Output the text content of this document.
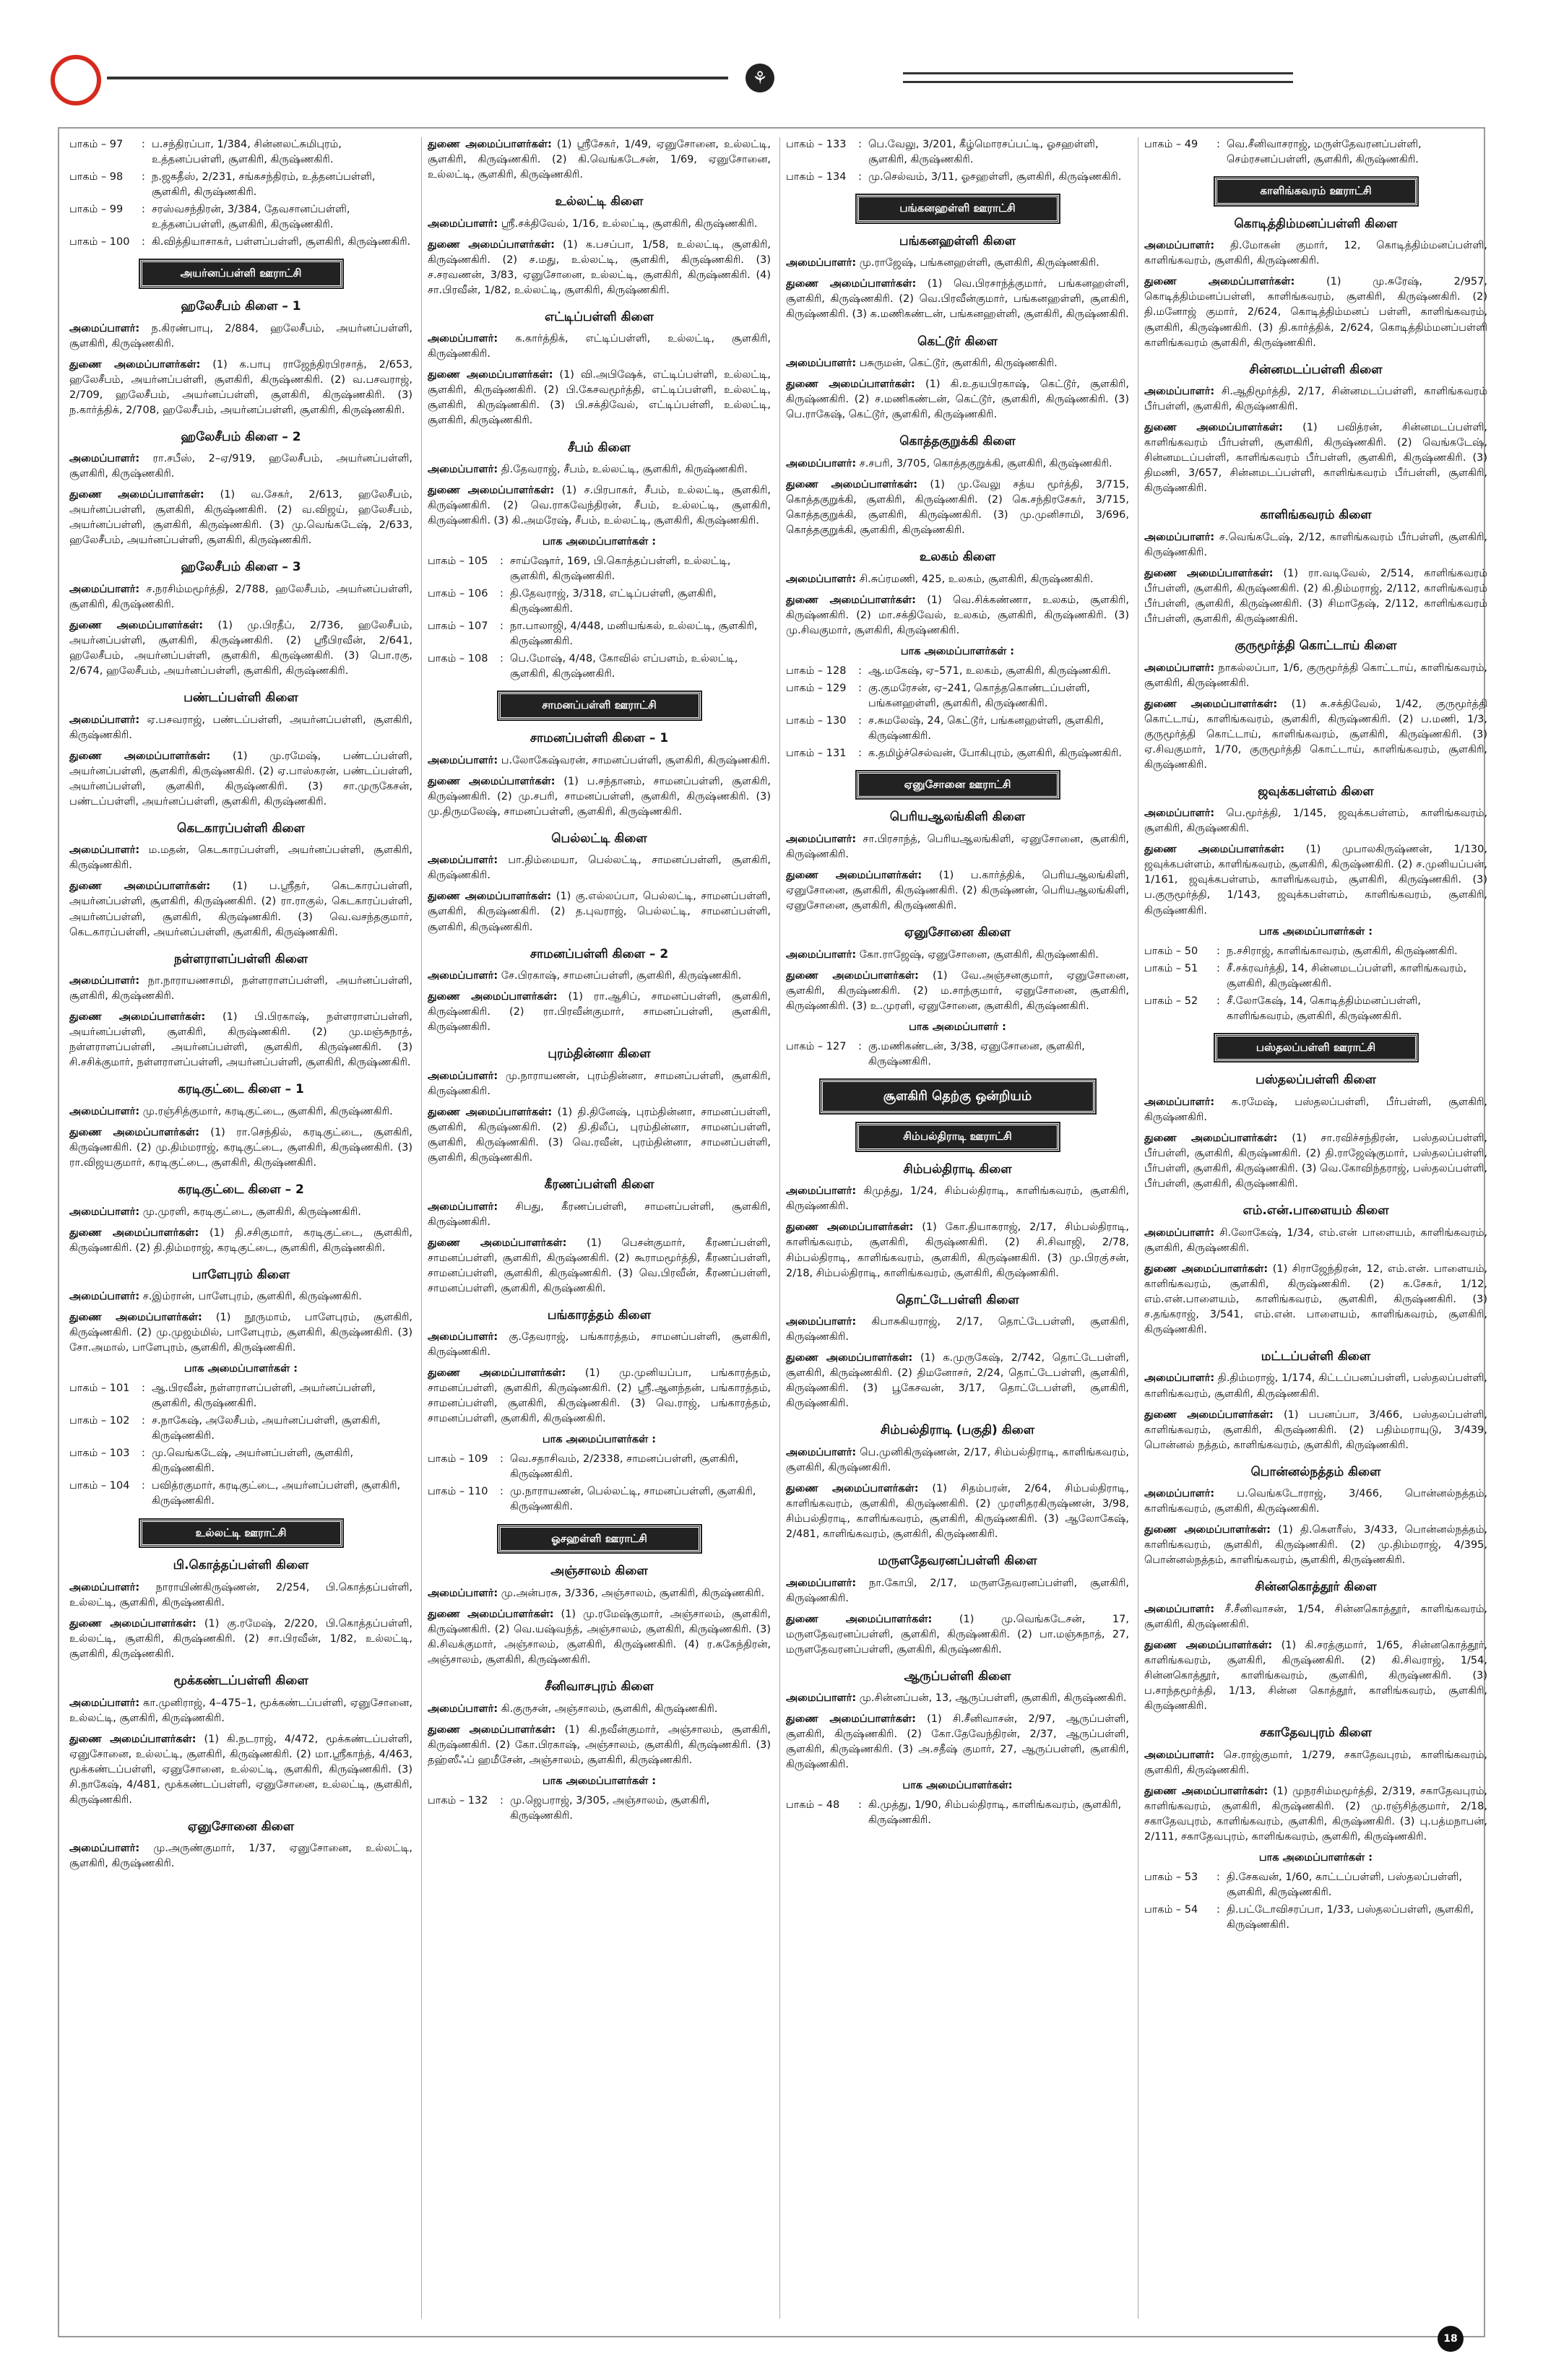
⚘
பாகம் – 97	: ப.சந்திரப்பா, 1/384, சின்னலட்சுமிபுரம், உத்தனப்பள்ளி, சூளகிரி, கிருஷ்ணகிரி.
பாகம் – 98	: ந.ஜகதீஸ், 2/231, சங்கசந்திரம், உத்தனப்பள்ளி, சூளகிரி, கிருஷ்ணகிரி.
பாகம் – 99	: சரஸ்வசந்திரன், 3/384, தேவசானப்பள்ளி, உத்தனப்பள்ளி, சூளகிரி, கிருஷ்ணகிரி.
பாகம் – 100	: கி.வித்தியாசாகர், பள்ளப்பள்ளி, சூளகிரி, கிருஷ்ணகிரி.
அயர்னப்பள்ளி ஊராட்சி
ஹலேசீபம் கிளை – 1
அமைப்பாளர்: ந.கிரண்பாபு, 2/884, ஹலேசீபம், அயர்னப்பள்ளி, சூளகிரி, கிருஷ்ணகிரி.
துணை அமைப்பாளர்கள்: (1) க.பாபு ராஜேந்திரபிரசாத், 2/653, ஹலேசீபம், அயர்னப்பள்ளி, சூளகிரி, கிருஷ்ணகிரி. (2) வ.பசவராஜ், 2/709, ஹலேசீபம், அயர்னப்பள்ளி, சூளகிரி, கிருஷ்ணகிரி. (3) ந.கார்த்திக், 2/708, ஹலேசீபம், அயர்னப்பள்ளி, சூளகிரி, கிருஷ்ணகிரி.
ஹலேசீபம் கிளை – 2
அமைப்பாளர்: ரா.சபீஸ், 2–ஏ/919, ஹலேசீபம், அயர்னப்பள்ளி, சூளகிரி, கிருஷ்ணகிரி.
துணை அமைப்பாளர்கள்: (1) வ.சேகர், 2/613, ஹலேசீபம், அயர்னப்பள்ளி, சூளகிரி, கிருஷ்ணகிரி. (2) வ.விஜய், ஹலேசீபம், அயர்னப்பள்ளி, சூளகிரி, கிருஷ்ணகிரி. (3) மு.வெங்கடேஷ், 2/633, ஹலேசீபம், அயர்னப்பள்ளி, சூளகிரி, கிருஷ்ணகிரி.
ஹலேசீபம் கிளை – 3
அமைப்பாளர்: ச.நரசிம்மமூர்த்தி, 2/788, ஹலேசீபம், அயர்னப்பள்ளி, சூளகிரி, கிருஷ்ணகிரி.
துணை அமைப்பாளர்கள்: (1) மு.பிரதீப், 2/736, ஹலேசீபம், அயர்னப்பள்ளி, சூளகிரி, கிருஷ்ணகிரி. (2) ஸ்ரீபிரவீன், 2/641, ஹலேசீபம், அயர்னப்பள்ளி, சூளகிரி, கிருஷ்ணகிரி. (3) பொ.ரகு, 2/674, ஹலேசீபம், அயர்னப்பள்ளி, சூளகிரி, கிருஷ்ணகிரி.
பண்டப்பள்ளி கிளை
அமைப்பாளர்: ஏ.பசவராஜ், பண்டப்பள்ளி, அயர்னப்பள்ளி, சூளகிரி, கிருஷ்ணகிரி.
துணை அமைப்பாளர்கள்: (1) மு.ரமேஷ், பண்டப்பள்ளி, அயர்னப்பள்ளி, சூளகிரி, கிருஷ்ணகிரி. (2) ஏ.பாஸ்கரன், பண்டப்பள்ளி, அயர்னப்பள்ளி, சூளகிரி, கிருஷ்ணகிரி. (3) சா.முருகேசன், பண்டப்பள்ளி, அயர்னப்பள்ளி, சூளகிரி, கிருஷ்ணகிரி.
கெடகாரப்பள்ளி கிளை
அமைப்பாளர்: ம.மதன், கெடகாரப்பள்ளி, அயர்னப்பள்ளி, சூளகிரி, கிருஷ்ணகிரி.
துணை அமைப்பாளர்கள்: (1) ப.ஸ்ரீதர், கெடகாரப்பள்ளி, அயர்னப்பள்ளி, சூளகிரி, கிருஷ்ணகிரி. (2) ரா.ராகுல், கெடகாரப்பள்ளி, அயர்னப்பள்ளி, சூளகிரி, கிருஷ்ணகிரி. (3) வெ.வசந்தகுமார், கெடகாரப்பள்ளி, அயர்னப்பள்ளி, சூளகிரி, கிருஷ்ணகிரி.
நள்ளராளப்பள்ளி கிளை
அமைப்பாளர்: நா.நாராயணசாமி, நள்ளராளப்பள்ளி, அயர்னப்பள்ளி, சூளகிரி, கிருஷ்ணகிரி.
துணை அமைப்பாளர்கள்: (1) பி.பிரகாஷ், நள்ளராளப்பள்ளி, அயர்னப்பள்ளி, சூளகிரி, கிருஷ்ணகிரி. (2) மு.மஞ்சுநாத், நள்ளராளப்பள்ளி, அயர்னப்பள்ளி, சூளகிரி, கிருஷ்ணகிரி. (3) சி.சசிக்குமார், நள்ளராளப்பள்ளி, அயர்னப்பள்ளி, சூளகிரி, கிருஷ்ணகிரி.
கரடிகுட்டை கிளை – 1
அமைப்பாளர்: மு.ரஞ்சித்குமார், கரடிகுட்டை, சூளகிரி, கிருஷ்ணகிரி.
துணை அமைப்பாளர்கள்: (1) ரா.செந்தில், கரடிகுட்டை, சூளகிரி, கிருஷ்ணகிரி. (2) மு.திம்மராஜ், கரடிகுட்டை, சூளகிரி, கிருஷ்ணகிரி. (3) ரா.விஜயகுமார், கரடிகுட்டை, சூளகிரி, கிருஷ்ணகிரி.
கரடிகுட்டை கிளை – 2
அமைப்பாளர்: மு.முரளி, கரடிகுட்டை, சூளகிரி, கிருஷ்ணகிரி.
துணை அமைப்பாளர்கள்: (1) தி.சசிகுமார், கரடிகுட்டை, சூளகிரி, கிருஷ்ணகிரி. (2) தி.திம்மராஜ், கரடிகுட்டை, சூளகிரி, கிருஷ்ணகிரி.
பாளேபுரம் கிளை
அமைப்பாளர்: ச.இம்ரான், பாளேபுரம், சூளகிரி, கிருஷ்ணகிரி.
துணை அமைப்பாளர்கள்: (1) நூருமாம், பாளேபுரம், சூளகிரி, கிருஷ்ணகிரி. (2) மு.முஜம்மில், பாளேபுரம், சூளகிரி, கிருஷ்ணகிரி. (3) சோ.அமால், பாளேபுரம், சூளகிரி, கிருஷ்ணகிரி.
பாக அமைப்பாளர்கள் :
பாகம் – 101	: ஆ.பிரவீன், நள்ளராளப்பள்ளி, அயர்னப்பள்ளி, சூளகிரி, கிருஷ்ணகிரி.
பாகம் – 102	: ச.நாகேஷ், அலேசீபம், அயர்னப்பள்ளி, சூளகிரி, கிருஷ்ணகிரி.
பாகம் – 103	: மு.வெங்கடேஷ், அயர்னப்பள்ளி, சூளகிரி, கிருஷ்ணகிரி.
பாகம் – 104	: பவித்ரகுமார், கரடிகுட்டை, அயர்னப்பள்ளி, சூளகிரி, கிருஷ்ணகிரி.
உல்லட்டி ஊராட்சி
பி.கொத்தப்பள்ளி கிளை
அமைப்பாளர்: நாராயிண்கிருஷ்ணன், 2/254, பி.கொத்தப்பள்ளி, உல்லட்டி, சூளகிரி, கிருஷ்ணகிரி.
துணை அமைப்பாளர்கள்: (1) கு.ரமேஷ், 2/220, பி.கொத்தப்பள்ளி, உல்லட்டி, சூளகிரி, கிருஷ்ணகிரி. (2) சா.பிரவீன், 1/82, உல்லட்டி, சூளகிரி, கிருஷ்ணகிரி.
மூக்கண்டப்பள்ளி கிளை
அமைப்பாளர்: கா.முனிராஜ், 4–475–1, மூக்கண்டப்பள்ளி, ஏனுசோனை, உல்லட்டி, சூளகிரி, கிருஷ்ணகிரி.
துணை அமைப்பாளர்கள்: (1) கி.நடராஜ், 4/472, மூக்கண்டப்பள்ளி, ஏனுசோனை, உல்லட்டி, சூளகிரி, கிருஷ்ணகிரி. (2) மா.ஸ்ரீகாந்த், 4/463, மூக்கண்டப்பள்ளி, ஏனுசோனை, உல்லட்டி, சூளகிரி, கிருஷ்ணகிரி. (3) சி.நாகேஷ், 4/481, மூக்கண்டப்பள்ளி, ஏனுசோனை, உல்லட்டி, சூளகிரி, கிருஷ்ணகிரி.
ஏனுசோனை கிளை
அமைப்பாளர்: மு.அருண்குமார், 1/37, ஏனுசோனை, உல்லட்டி, சூளகிரி, கிருஷ்ணகிரி.
துணை அமைப்பாளர்கள்: (1) ஸ்ரீசேகர், 1/49, ஏனுசோனை, உல்லட்டி, சூளகிரி, கிருஷ்ணகிரி. (2) கி.வெங்கடேசன், 1/69, ஏனுசோனை, உல்லட்டி, சூளகிரி, கிருஷ்ணகிரி.
உல்லட்டி கிளை
அமைப்பாளர்: ஸ்ரீ.சக்திவேல், 1/16, உல்லட்டி, சூளகிரி, கிருஷ்ணகிரி.
துணை அமைப்பாளர்கள்: (1) க.பசப்பா, 1/58, உல்லட்டி, சூளகிரி, கிருஷ்ணகிரி. (2) ச.மது, உல்லட்டி, சூளகிரி, கிருஷ்ணகிரி. (3) ச.சரவணன், 3/83, ஏனுசோனை, உல்லட்டி, சூளகிரி, கிருஷ்ணகிரி. (4) சா.பிரவீன், 1/82, உல்லட்டி, சூளகிரி, கிருஷ்ணகிரி.
எட்டிப்பள்ளி கிளை
அமைப்பாளர்: க.கார்த்திக், எட்டிப்பள்ளி, உல்லட்டி, சூளகிரி, கிருஷ்ணகிரி.
துணை அமைப்பாளர்கள்: (1) வி.அபிஷேக், எட்டிப்பள்ளி, உல்லட்டி, சூளகிரி, கிருஷ்ணகிரி. (2) பி.கேசவமூர்த்தி, எட்டிப்பள்ளி, உல்லட்டி, சூளகிரி, கிருஷ்ணகிரி. (3) பி.சக்திவேல், எட்டிப்பள்ளி, உல்லட்டி, சூளகிரி, கிருஷ்ணகிரி.
சீபம் கிளை
அமைப்பாளர்: தி.தேவராஜ், சீபம், உல்லட்டி, சூளகிரி, கிருஷ்ணகிரி.
துணை அமைப்பாளர்கள்: (1) ச.பிரபாகர், சீபம், உல்லட்டி, சூளகிரி, கிருஷ்ணகிரி. (2) வெ.ராகவேந்திரன், சீபம், உல்லட்டி, சூளகிரி, கிருஷ்ணகிரி. (3) கி.அமரேஷ், சீபம், உல்லட்டி, சூளகிரி, கிருஷ்ணகிரி.
பாக அமைப்பாளர்கள் :
பாகம் – 105	: சாய்ஷோர், 169, பி.கொத்தப்பள்ளி, உல்லட்டி, சூளகிரி, கிருஷ்ணகிரி.
பாகம் – 106	: தி.தேவராஜ், 3/318, எட்டிப்பள்ளி, சூளகிரி, கிருஷ்ணகிரி.
பாகம் – 107	: நா.பாலாஜி, 4/448, மனியங்கல், உல்லட்டி, சூளகிரி, கிருஷ்ணகிரி.
பாகம் – 108	: பெ.மோஷ், 4/48, கோவில் எப்பளம், உல்லட்டி, சூளகிரி, கிருஷ்ணகிரி.
சாமனப்பள்ளி ஊராட்சி
சாமனப்பள்ளி கிளை – 1
அமைப்பாளர்: ப.லோகேஷ்வரன், சாமனப்பள்ளி, சூளகிரி, கிருஷ்ணகிரி.
துணை அமைப்பாளர்கள்: (1) ப.சந்தானம், சாமனப்பள்ளி, சூளகிரி, கிருஷ்ணகிரி. (2) மு.சபரி, சாமனப்பள்ளி, சூளகிரி, கிருஷ்ணகிரி. (3) மு.திருமலேஷ், சாமனப்பள்ளி, சூளகிரி, கிருஷ்ணகிரி.
பெல்லட்டி கிளை
அமைப்பாளர்: பா.திம்மையா, பெல்லட்டி, சாமனப்பள்ளி, சூளகிரி, கிருஷ்ணகிரி.
துணை அமைப்பாளர்கள்: (1) கு.எல்லப்பா, பெல்லட்டி, சாமனப்பள்ளி, சூளகிரி, கிருஷ்ணகிரி. (2) த.புவராஜ், பெல்லட்டி, சாமனப்பள்ளி, சூளகிரி, கிருஷ்ணகிரி.
சாமனப்பள்ளி கிளை – 2
அமைப்பாளர்: சே.பிரகாஷ், சாமனப்பள்ளி, சூளகிரி, கிருஷ்ணகிரி.
துணை அமைப்பாளர்கள்: (1) ரா.ஆசிப், சாமனப்பள்ளி, சூளகிரி, கிருஷ்ணகிரி. (2) ரா.பிரவீன்குமார், சாமனப்பள்ளி, சூளகிரி, கிருஷ்ணகிரி.
புரம்தின்னா கிளை
அமைப்பாளர்: மு.நாராயணன், புரம்தின்னா, சாமனப்பள்ளி, சூளகிரி, கிருஷ்ணகிரி.
துணை அமைப்பாளர்கள்: (1) தி.தினேஷ், புரம்தின்னா, சாமனப்பள்ளி, சூளகிரி, கிருஷ்ணகிரி. (2) தி.திலீப், புரம்தின்னா, சாமனப்பள்ளி, சூளகிரி, கிருஷ்ணகிரி. (3) வெ.ரவீன், புரம்தின்னா, சாமனப்பள்ளி, சூளகிரி, கிருஷ்ணகிரி.
கீரணப்பள்ளி கிளை
அமைப்பாளர்: சிபது, கீரணப்பள்ளி, சாமனப்பள்ளி, சூளகிரி, கிருஷ்ணகிரி.
துணை அமைப்பாளர்கள்: (1) பெசன்குமார், கீரணப்பள்ளி, சாமனப்பள்ளி, சூளகிரி, கிருஷ்ணகிரி. (2) கூராமமூர்த்தி, கீரணப்பள்ளி, சாமனப்பள்ளி, சூளகிரி, கிருஷ்ணகிரி. (3) வெ.பிரவீன், கீரணப்பள்ளி, சாமனப்பள்ளி, சூளகிரி, கிருஷ்ணகிரி.
பங்காரத்தம் கிளை
அமைப்பாளர்: கு.தேவராஜ், பங்காரத்தம், சாமனப்பள்ளி, சூளகிரி, கிருஷ்ணகிரி.
துணை அமைப்பாளர்கள்: (1) மு.முனியப்பா, பங்காரத்தம், சாமனப்பள்ளி, சூளகிரி, கிருஷ்ணகிரி. (2) ஸ்ரீ.ஆனந்தன், பங்காரத்தம், சாமனப்பள்ளி, சூளகிரி, கிருஷ்ணகிரி. (3) வெ.ராஜ், பங்காரத்தம், சாமனப்பள்ளி, சூளகிரி, கிருஷ்ணகிரி.
பாக அமைப்பாளர்கள் :
பாகம் – 109	: வெ.சதாசிவம், 2/2338, சாமனப்பள்ளி, சூளகிரி, கிருஷ்ணகிரி.
பாகம் – 110	: மு.நாராயணன், பெல்லட்டி, சாமனப்பள்ளி, சூளகிரி, கிருஷ்ணகிரி.
ஓசஹள்ளி ஊராட்சி
அஞ்சாலம் கிளை
அமைப்பாளர்: மு.அன்பரசு, 3/336, அஞ்சாலம், சூளகிரி, கிருஷ்ணகிரி.
துணை அமைப்பாளர்கள்: (1) மு.ரமேஷ்குமார், அஞ்சாலம், சூளகிரி, கிருஷ்ணகிரி. (2) வெ.யஷ்வந்த், அஞ்சாலம், சூளகிரி, கிருஷ்ணகிரி. (3) கி.சிவக்குமார், அஞ்சாலம், சூளகிரி, கிருஷ்ணகிரி. (4) ர.சுகேந்திரன், அஞ்சாலம், சூளகிரி, கிருஷ்ணகிரி.
சீனிவாசபுரம் கிளை
அமைப்பாளர்: கி.குருசன், அஞ்சாலம், சூளகிரி, கிருஷ்ணகிரி.
துணை அமைப்பாளர்கள்: (1) கி.நவீன்குமார், அஞ்சாலம், சூளகிரி, கிருஷ்ணகிரி. (2) கோ.பிரகாஷ், அஞ்சாலம், சூளகிரி, கிருஷ்ணகிரி. (3) தஹ்ஸீஃப் ஹமீசேன், அஞ்சாலம், சூளகிரி, கிருஷ்ணகிரி.
பாக அமைப்பாளர்கள் :
பாகம் – 132	: மு.ஜெபராஜ், 3/305, அஞ்சாலம், சூளகிரி, கிருஷ்ணகிரி.
பாகம் – 133	: பெ.வேலு, 3/201, கீழ்மொரசப்பட்டி, ஓசஹள்ளி, சூளகிரி, கிருஷ்ணகிரி.
பாகம் – 134	: மு.செல்வம், 3/11, ஓசஹள்ளி, சூளகிரி, கிருஷ்ணகிரி.
பங்கனஹள்ளி ஊராட்சி
பங்கனஹள்ளி கிளை
அமைப்பாளர்: மு.ராஜேஷ், பங்கனஹள்ளி, சூளகிரி, கிருஷ்ணகிரி.
துணை அமைப்பாளர்கள்: (1) வெ.பிரசாந்த்குமார், பங்கனஹள்ளி, சூளகிரி, கிருஷ்ணகிரி. (2) வெ.பிரவீன்குமார், பங்கனஹள்ளி, சூளகிரி, கிருஷ்ணகிரி. (3) க.மணிகண்டன், பங்கனஹள்ளி, சூளகிரி, கிருஷ்ணகிரி.
கெட்டூர் கிளை
அமைப்பாளர்: பசுருமன், கெட்டூர், சூளகிரி, கிருஷ்ணகிரி.
துணை அமைப்பாளர்கள்: (1) கி.உதயபிரகாஷ், கெட்டூர், சூளகிரி, கிருஷ்ணகிரி. (2) ச.மணிகண்டன், கெட்டூர், சூளகிரி, கிருஷ்ணகிரி. (3) பெ.ராகேஷ், கெட்டூர், சூளகிரி, கிருஷ்ணகிரி.
கொத்தகுறுக்கி கிளை
அமைப்பாளர்: ச.சபரி, 3/705, கொத்தகுறுக்கி, சூளகிரி, கிருஷ்ணகிரி.
துணை அமைப்பாளர்கள்: (1) மு.வேலு சத்ய மூர்த்தி, 3/715, கொத்தகுறுக்கி, சூளகிரி, கிருஷ்ணகிரி. (2) கெ.சந்திரசேகர், 3/715, கொத்தகுறுக்கி, சூளகிரி, கிருஷ்ணகிரி. (3) மு.முனிசாமி, 3/696, கொத்தகுறுக்கி, சூளகிரி, கிருஷ்ணகிரி.
உலகம் கிளை
அமைப்பாளர்: சி.சுப்ரமணி, 425, உலகம், சூளகிரி, கிருஷ்ணகிரி.
துணை அமைப்பாளர்கள்: (1) வெ.சிக்கண்ணா, உலகம், சூளகிரி, கிருஷ்ணகிரி. (2) மா.சக்திவேல், உலகம், சூளகிரி, கிருஷ்ணகிரி. (3) மு.சிவகுமார், சூளகிரி, கிருஷ்ணகிரி.
பாக அமைப்பாளர்கள் :
பாகம் – 128	: ஆ.மகேஷ், ஏ–571, உலகம், சூளகிரி, கிருஷ்ணகிரி.
பாகம் – 129	: கு.குமரேசன், ஏ–241, கொத்தகொண்டப்பள்ளி, பங்கனஹள்ளி, சூளகிரி, கிருஷ்ணகிரி.
பாகம் – 130	: ச.சுமலேஷ், 24, கெட்டூர், பங்கனஹள்ளி, சூளகிரி, கிருஷ்ணகிரி.
பாகம் – 131	: க.தமிழ்ச்செல்வன், போகிபுரம், சூளகிரி, கிருஷ்ணகிரி.
ஏனுசோனை ஊராட்சி
பெரியஆலங்கிளி கிளை
அமைப்பாளர்: சா.பிரசாந்த், பெரியஆலங்கிளி, ஏனுசோனை, சூளகிரி, கிருஷ்ணகிரி.
துணை அமைப்பாளர்கள்: (1) ப.கார்த்திக், பெரியஆலங்கிளி, ஏனுசோனை, சூளகிரி, கிருஷ்ணகிரி. (2) கிருஷ்ணன், பெரியஆலங்கிளி, ஏனுசோனை, சூளகிரி, கிருஷ்ணகிரி.
ஏனுசோனை கிளை
அமைப்பாளர்: கோ.ராஜேஷ், ஏனுசோனை, சூளகிரி, கிருஷ்ணகிரி.
துணை அமைப்பாளர்கள்: (1) வே.அஞ்சனகுமார், ஏனுசோனை, சூளகிரி, கிருஷ்ணகிரி. (2) ம.சாந்குமார், ஏனுசோனை, சூளகிரி, கிருஷ்ணகிரி. (3) உ.முரளி, ஏனுசோனை, சூளகிரி, கிருஷ்ணகிரி.
பாக அமைப்பாளர் :
பாகம் – 127	: கு.மணிகண்டன், 3/38, ஏனுசோனை, சூளகிரி, கிருஷ்ணகிரி.
சூளகிரி தெற்கு ஒன்றியம்
சிம்பல்திராடி ஊராட்சி
சிம்பல்திராடி கிளை
அமைப்பாளர்: கிமுத்து, 1/24, சிம்பல்திராடி, காளிங்கவரம், சூளகிரி, கிருஷ்ணகிரி.
துணை அமைப்பாளர்கள்: (1) கோ.தியாகராஜ், 2/17, சிம்பல்திராடி, காளிங்கவரம், சூளகிரி, கிருஷ்ணகிரி. (2) சி.சிவாஜி, 2/78, சிம்பல்திராடி, காளிங்கவரம், சூளகிரி, கிருஷ்ணகிரி. (3) மு.பிரகு்சன், 2/18, சிம்பல்திராடி, காளிங்கவரம், சூளகிரி, கிருஷ்ணகிரி.
தொட்டேபள்ளி கிளை
அமைப்பாளர்: கிபாசுகியராஜ், 2/17, தொட்டேபள்ளி, சூளகிரி, கிருஷ்ணகிரி.
துணை அமைப்பாளர்கள்: (1) க.முருகேஷ், 2/742, தொட்டேபள்ளி, சூளகிரி, கிருஷ்ணகிரி. (2) திமனோசர், 2/24, தொட்டேபள்ளி, சூளகிரி, கிருஷ்ணகிரி. (3) பூகேசவன், 3/17, தொட்டேபள்ளி, சூளகிரி, கிருஷ்ணகிரி.
சிம்பல்திராடி (பகுதி) கிளை
அமைப்பாளர்: பெ.முனிகிருஷ்ணன், 2/17, சிம்பல்திராடி, காளிங்கவரம், சூளகிரி, கிருஷ்ணகிரி.
துணை அமைப்பாளர்கள்: (1) சிதம்பரன், 2/64, சிம்பல்திராடி, காளிங்கவரம், சூளகிரி, கிருஷ்ணகிரி. (2) முரளிதரகிருஷ்ணன், 3/98, சிம்பல்திராடி, காளிங்கவரம், சூளகிரி, கிருஷ்ணகிரி. (3) ஆலோகேஷ், 2/481, காளிங்கவரம், சூளகிரி, கிருஷ்ணகிரி.
மருளதேவரனப்பள்ளி கிளை
அமைப்பாளர்: நா.கோபி, 2/17, மருளதேவரனப்பள்ளி, சூளகிரி, கிருஷ்ணகிரி.
துணை அமைப்பாளர்கள்:	(1) மு.வெங்கடேசன், 17, மருளதேவரனப்பள்ளி, சூளகிரி, கிருஷ்ணகிரி. (2) பா.மஞ்சுநாத், 27, மருளதேவரனப்பள்ளி, சூளகிரி, கிருஷ்ணகிரி.
ஆருப்பள்ளி கிளை
அமைப்பாளர்: மு.சின்னப்பன், 13, ஆருப்பள்ளி, சூளகிரி, கிருஷ்ணகிரி.
துணை அமைப்பாளர்கள்: (1) சி.சீனிவாசன், 2/97, ஆருப்பள்ளி, சூளகிரி, கிருஷ்ணகிரி. (2) கோ.தேவேந்திரன், 2/37, ஆருப்பள்ளி, சூளகிரி, கிருஷ்ணகிரி. (3) அ.சதீஷ் குமார், 27, ஆருப்பள்ளி, சூளகிரி, கிருஷ்ணகிரி.
பாக அமைப்பாளர்கள்:
பாகம் – 48	: கி.முத்து, 1/90, சிம்பல்திராடி, காளிங்கவரம், சூளகிரி, கிருஷ்ணகிரி.
பாகம் – 49	: வெ.சீனிவாசராஜ், மருள்தேவரனப்பள்ளி, செம்ரசனப்பள்ளி, சூளகிரி, கிருஷ்ணகிரி.
காளிங்கவரம் ஊராட்சி
கொடித்திம்மனப்பள்ளி கிளை
அமைப்பாளர்: தி.மோகன் குமார், 12, கொடித்திம்மனப்பள்ளி, காளிங்கவரம், சூளகிரி, கிருஷ்ணகிரி.
துணை அமைப்பாளர்கள்:	(1) மு.சுரேஷ், 2/957, கொடித்திம்மனப்பள்ளி, காளிங்கவரம், சூளகிரி, கிருஷ்ணகிரி. (2) தி.மனோஜ் குமார், 2/624, கொடித்திம்மனப் பள்ளி, காளிங்கவரம், சூளகிரி, கிருஷ்ணகிரி. (3) தி.கார்த்திக், 2/624, கொடித்திம்மனப்பள்ளி காளிங்கவரம் சூளகிரி, கிருஷ்ணகிரி.
சின்னமடப்பள்ளி கிளை
அமைப்பாளர்: சி.ஆதிமூர்த்தி, 2/17, சின்னமடப்பள்ளி, காளிங்கவரம் பீர்பள்ளி, சூளகிரி, கிருஷ்ணகிரி.
துணை அமைப்பாளர்கள்: (1) பவித்ரன், சின்னமடப்பள்ளி, காளிங்கவரம் பீர்பள்ளி, சூளகிரி, கிருஷ்ணகிரி. (2) வெங்கடேஷ், சின்னமடப்பள்ளி, காளிங்கவரம் பீர்பள்ளி, சூளகிரி, கிருஷ்ணகிரி. (3) திமணி, 3/657, சின்னமடப்பள்ளி, காளிங்கவரம் பீர்பள்ளி, சூளகிரி, கிருஷ்ணகிரி.
காளிங்கவரம் கிளை
அமைப்பாளர்: ச.வெங்கடேஷ், 2/12, காளிங்கவரம் பீர்பள்ளி, சூளகிரி, கிருஷ்ணகிரி.
துணை அமைப்பாளர்கள்: (1) ரா.வடிவேல், 2/514, காளிங்கவரம் பீர்பள்ளி, சூளகிரி, கிருஷ்ணகிரி. (2) கி.திம்மராஜ், 2/112, காளிங்கவரம் பீர்பள்ளி, சூளகிரி, கிருஷ்ணகிரி. (3) சிமாதேஷ், 2/112, காளிங்கவரம் பீர்பள்ளி, சூளகிரி, கிருஷ்ணகிரி.
குருமூர்த்தி கொட்டாய் கிளை
அமைப்பாளர்: நாகல்லப்பா, 1/6, குருமூர்த்தி கொட்டாய், காளிங்கவரம், சூளகிரி, கிருஷ்ணகிரி.
துணை அமைப்பாளர்கள்: (1) சு.சக்திவேல், 1/42, குருமூர்த்தி கொட்டாய், காளிங்கவரம், சூளகிரி, கிருஷ்ணகிரி. (2) ப.மணி, 1/3, குருமூர்த்தி கொட்டாய், காளிங்கவரம், சூளகிரி, கிருஷ்ணகிரி. (3) ஏ.சிவகுமார், 1/70, குருமூர்த்தி கொட்டாய், காளிங்கவரம், சூளகிரி, கிருஷ்ணகிரி.
ஜவுக்கபள்ளம் கிளை
அமைப்பாளர்: பெ.மூர்த்தி, 1/145, ஜவுக்கபள்ளம், காளிங்கவரம், சூளகிரி, கிருஷ்ணகிரி.
துணை அமைப்பாளர்கள்: (1) முபாலகிருஷ்ணன், 1/130, ஜவுக்கபள்ளம், காளிங்கவரம், சூளகிரி, கிருஷ்ணகிரி. (2) ச.முனியப்பன், 1/161, ஜவுக்கபள்ளம், காளிங்கவரம், சூளகிரி, கிருஷ்ணகிரி. (3) ப.குருமூர்த்தி, 1/143, ஜவுக்கபள்ளம், காளிங்கவரம், சூளகிரி, கிருஷ்ணகிரி.
பாக அமைப்பாளர்கள் :
பாகம் – 50	: ந.சசிராஜ், காளிங்காவரம், சூளகிரி, கிருஷ்ணகிரி.
பாகம் – 51	: சீ.சக்ரவர்த்தி, 14, சின்னமடப்பள்ளி, காளிங்கவரம், சூளகிரி, கிருஷ்ணகிரி.
பாகம் – 52	: சீ.லோகேஷ், 14, கொடித்திம்மனப்பள்ளி, காளிங்கவரம், சூளகிரி, கிருஷ்ணகிரி.
பஸ்தலப்பள்ளி ஊராட்சி
பஸ்தலப்பள்ளி கிளை
அமைப்பாளர்: க.ரமேஷ், பஸ்தலப்பள்ளி, பீர்பள்ளி, சூளகிரி, கிருஷ்ணகிரி.
துணை அமைப்பாளர்கள்: (1) சா.ரவிச்சந்திரன், பஸ்தலப்பள்ளி, பீர்பள்ளி, சூளகிரி, கிருஷ்ணகிரி. (2) தி.ராஜேஷ்குமார், பஸ்தலப்பள்ளி, பீர்பள்ளி, சூளகிரி, கிருஷ்ணகிரி. (3) வெ.கோவிந்தராஜ், பஸ்தலப்பள்ளி, பீர்பள்ளி, சூளகிரி, கிருஷ்ணகிரி.
எம்.என்.பாளையம் கிளை
அமைப்பாளர்: சி.லோகேஷ், 1/34, எம்.என் பாளையம், காளிங்கவரம், சூளகிரி, கிருஷ்ணகிரி.
துணை அமைப்பாளர்கள்: (1) சிராஜேந்திரன், 12, எம்.என். பாளையம், காளிங்கவரம், சூளகிரி, கிருஷ்ணகிரி. (2) க.சேகர், 1/12, எம்.என்.பாளையம், காளிங்கவரம், சூளகிரி, கிருஷ்ணகிரி. (3) ச.தங்கராஜ், 3/541, எம்.என். பாளையம், காளிங்கவரம், சூளகிரி, கிருஷ்ணகிரி.
மட்டப்பள்ளி கிளை
அமைப்பாளர்: தி.திம்மராஜ், 1/174, கிட்டப்பனப்பள்ளி, பஸ்தலப்பள்ளி, காளிங்கவரம், சூளகிரி, கிருஷ்ணகிரி.
துணை அமைப்பாளர்கள்: (1) பபனப்பா, 3/466, பஸ்தலப்பள்ளி, காளிங்கவரம், சூளகிரி, கிருஷ்ணகிரி. (2) பதிம்மராயுடு, 3/439, பொன்னல் நத்தம், காளிங்கவரம், சூளகிரி, கிருஷ்ணகிரி.
பொன்னல்நத்தம் கிளை
அமைப்பாளர்: ப.வெங்கடோராஜ், 3/466, பொன்னல்நத்தம், காளிங்கவரம், சூளகிரி, கிருஷ்ணகிரி.
துணை அமைப்பாளர்கள்: (1) தி.கௌரீஸ், 3/433, பொன்னல்நத்தம், காளிங்கவரம், சூளகிரி, கிருஷ்ணகிரி. (2) மு.திம்மராஜ், 4/395, பொன்னல்நத்தம், காளிங்கவரம், சூளகிரி, கிருஷ்ணகிரி.
சின்னகொத்தூர் கிளை
அமைப்பாளர்: சீ.சீனிவாசன், 1/54, சின்னகொத்தூர், காளிங்கவரம், சூளகிரி, கிருஷ்ணகிரி.
துணை அமைப்பாளர்கள்: (1) கி.சரத்குமார், 1/65, சின்னகொத்தூர், காளிங்கவரம், சூளகிரி, கிருஷ்ணகிரி. (2) கி.சிவராஜ், 1/54, சின்னகொத்தூர், காளிங்கவரம், சூளகிரி, கிருஷ்ணகிரி. (3) ப.சாந்தமூர்த்தி, 1/13, சின்ன கொத்தூர், காளிங்கவரம், சூளகிரி, கிருஷ்ணகிரி.
சகாதேவபுரம் கிளை
அமைப்பாளர்: செ.ராஜ்குமார், 1/279, சகாதேவபுரம், காளிங்கவரம், சூளகிரி, கிருஷ்ணகிரி.
துணை அமைப்பாளர்கள்: (1) முநரசிம்மமூர்த்தி, 2/319, சகாதேவபுரம், காளிங்கவரம், சூளகிரி, கிருஷ்ணகிரி. (2) மு.ரஞ்சித்குமார், 2/18, சகாதேவபுரம், காளிங்கவரம், சூளகிரி, கிருஷ்ணகிரி. (3) பு.பத்மநாபன், 2/111, சகாதேவபுரம், காளிங்கவரம், சூளகிரி, கிருஷ்ணகிரி.
பாக அமைப்பாளர்கள் :
பாகம் – 53	: தி.சேகவன், 1/60, காட்டப்பள்ளி, பஸ்தலப்பள்ளி, சூளகிரி, கிருஷ்ணகிரி.
பாகம் – 54	: தி.பட்டோவிசரப்பா, 1/33, பஸ்தலப்பள்ளி, சூளகிரி, கிருஷ்ணகிரி.
18
